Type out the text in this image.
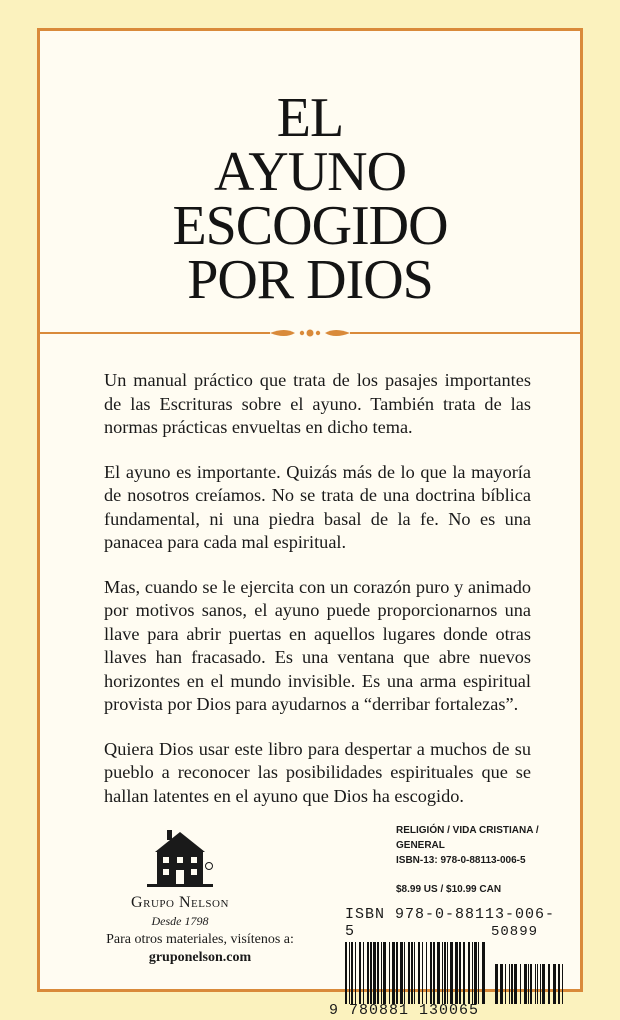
EL
AYUNO
ESCOGIDO
POR DIOS

Un manual práctico que trata de los pasajes importantes de las Escrituras sobre el ayuno. También trata de las normas prácticas envueltas en dicho tema.

El ayuno es importante. Quizás más de lo que la mayoría de nosotros creíamos. No se trata de una doctrina bíblica fundamental, ni una piedra basal de la fe. No es una panacea para cada mal espiritual.

Mas, cuando se le ejercita con un corazón puro y animado por motivos sanos, el ayuno puede proporcionarnos una llave para abrir puertas en aquellos lugares donde otras llaves han fracasado. Es una ventana que abre nuevos horizontes en el mundo invisible. Es una arma espiritual provista por Dios para ayudarnos a “derribar fortalezas”.

Quiera Dios usar este libro para despertar a muchos de su pueblo a reconocer las posibilidades espirituales que se hallan latentes en el ayuno que Dios ha escogido.

Grupo Nelson
Desde 1798
Para otros materiales, visítenos a:
gruponelson.com
RELIGIÓN / VIDA CRISTIANA / GENERAL
ISBN-13: 978-0-88113-006-5
$8.99 US / $10.99 CAN
ISBN 978-0-88113-006-5	50899
9 780881 130065
